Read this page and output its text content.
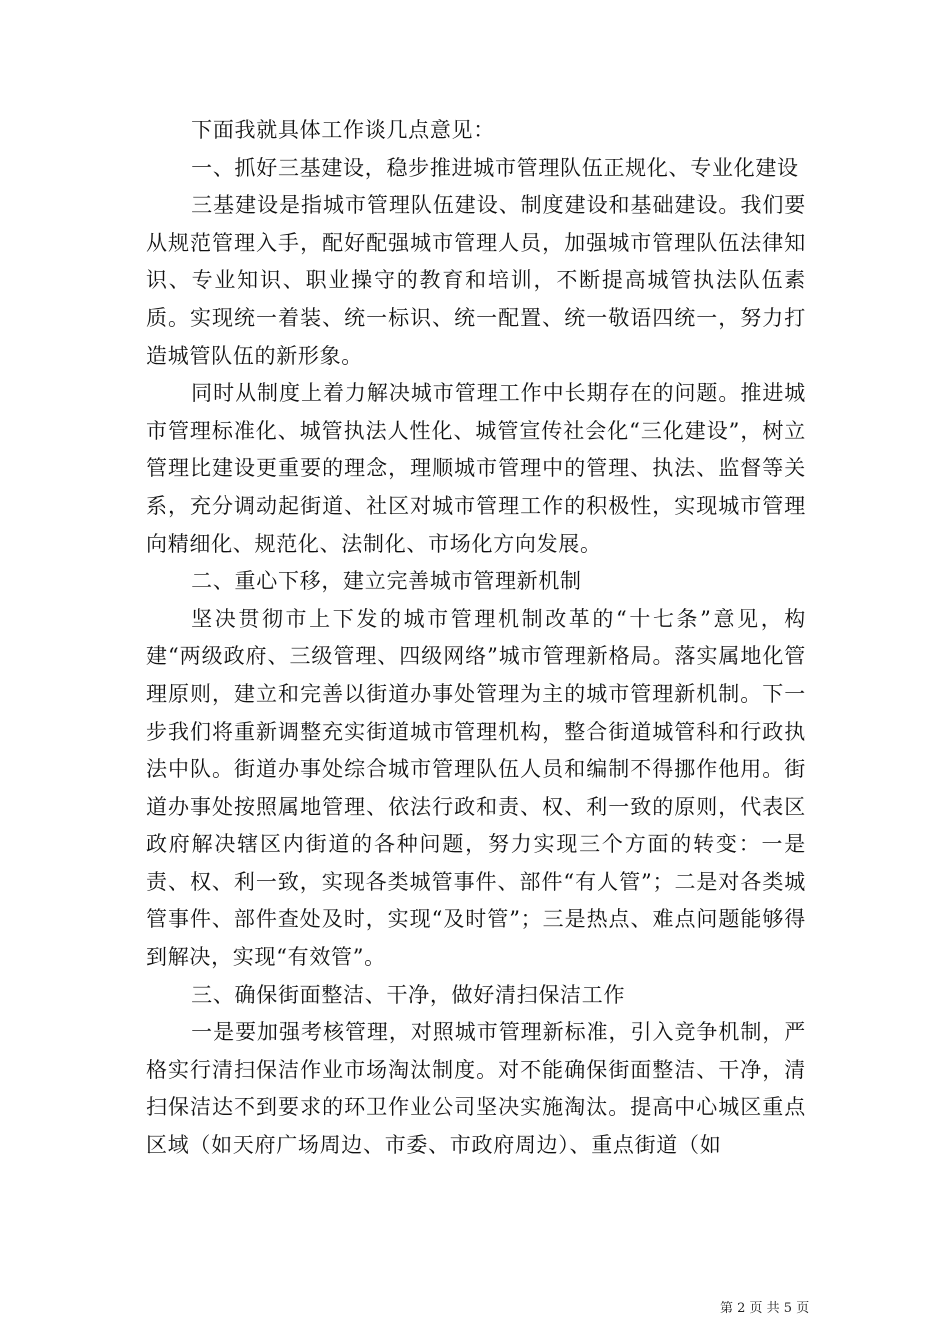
下面我就具体工作谈几点意见：

一、抓好三基建设，稳步推进城市管理队伍正规化、专业化建设

三基建设是指城市管理队伍建设、制度建设和基础建设。我们要从规范管理入手，配好配强城市管理人员，加强城市管理队伍法律知识、专业知识、职业操守的教育和培训，不断提高城管执法队伍素质。实现统一着装、统一标识、统一配置、统一敬语四统一，努力打造城管队伍的新形象。

同时从制度上着力解决城市管理工作中长期存在的问题。推进城市管理标准化、城管执法人性化、城管宣传社会化“三化建设”，树立管理比建设更重要的理念，理顺城市管理中的管理、执法、监督等关系，充分调动起街道、社区对城市管理工作的积极性，实现城市管理向精细化、规范化、法制化、市场化方向发展。

二、重心下移，建立完善城市管理新机制

坚决贯彻市上下发的城市管理机制改革的“十七条”意见，构建“两级政府、三级管理、四级网络”城市管理新格局。落实属地化管理原则，建立和完善以街道办事处管理为主的城市管理新机制。下一步我们将重新调整充实街道城市管理机构，整合街道城管科和行政执法中队。街道办事处综合城市管理队伍人员和编制不得挪作他用。街道办事处按照属地管理、依法行政和责、权、利一致的原则，代表区政府解决辖区内街道的各种问题，努力实现三个方面的转变：一是责、权、利一致，实现各类城管事件、部件“有人管”；二是对各类城管事件、部件查处及时，实现“及时管”；三是热点、难点问题能够得到解决，实现“有效管”。

三、确保街面整洁、干净，做好清扫保洁工作

一是要加强考核管理，对照城市管理新标准，引入竞争机制，严格实行清扫保洁作业市场淘汰制度。对不能确保街面整洁、干净，清扫保洁达不到要求的环卫作业公司坚决实施淘汰。提高中心城区重点区域（如天府广场周边、市委、市政府周边）、重点街道（如

第 2 页 共 5 页
